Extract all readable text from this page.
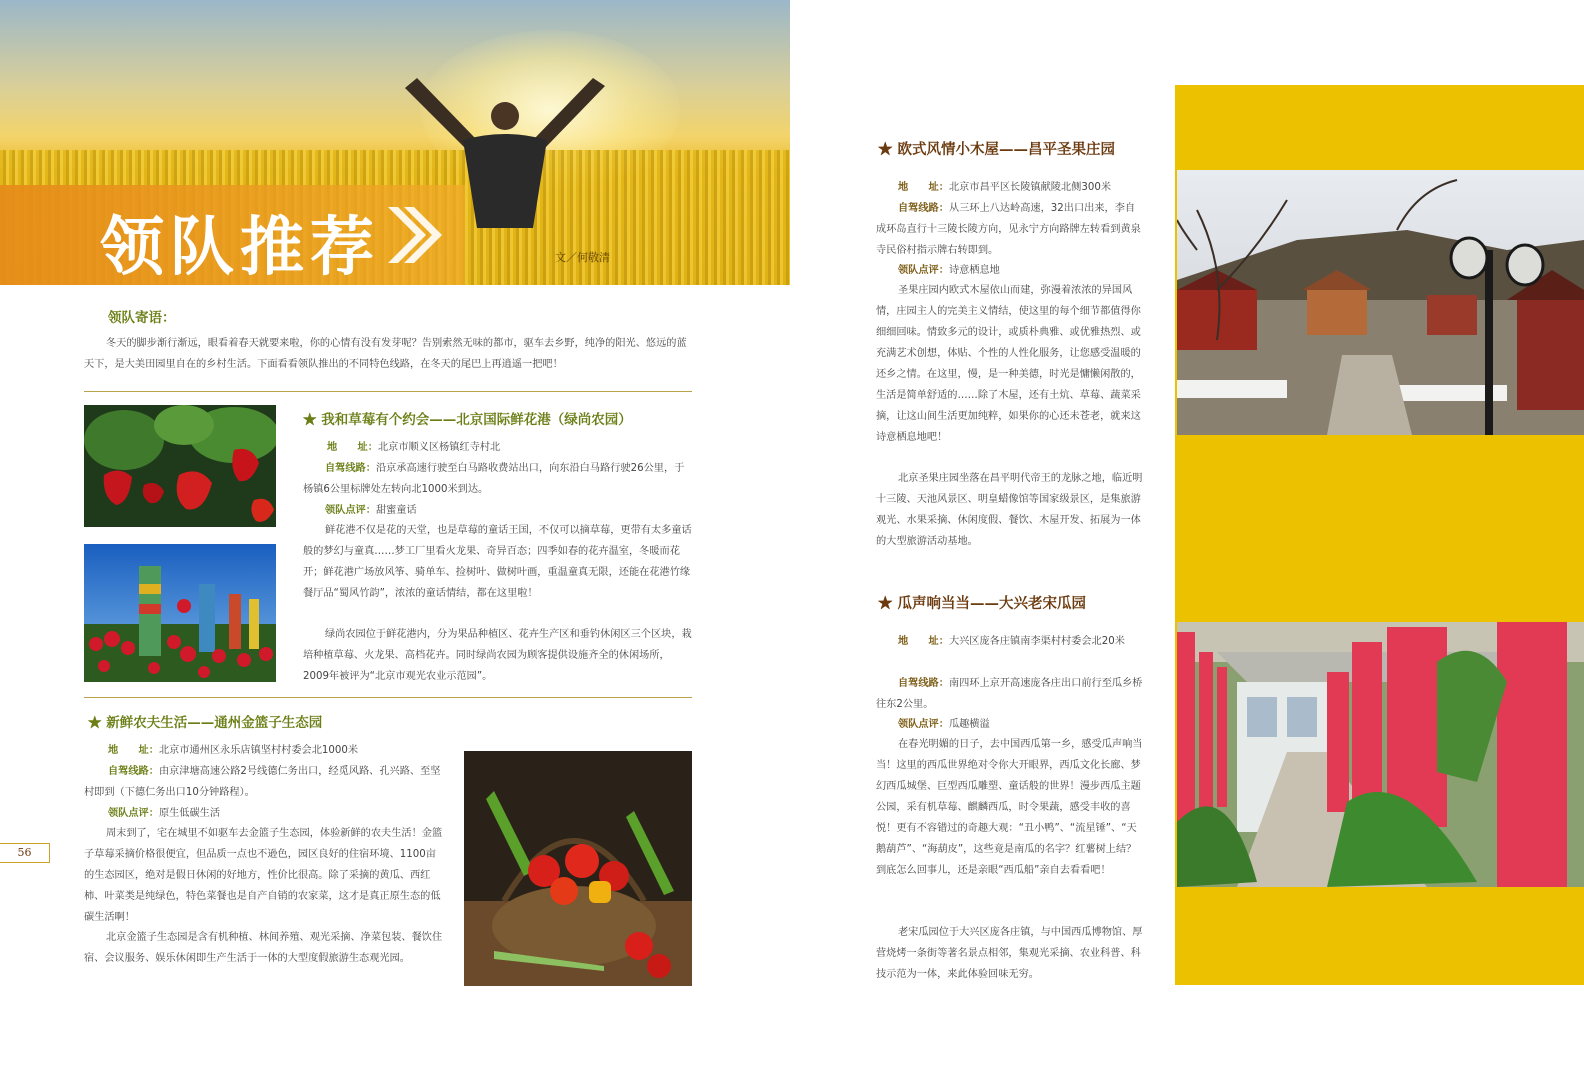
领队推荐	文／何敬清
领队寄语：
冬天的脚步渐行渐远，眼看着春天就要来啦，你的心情有没有发芽呢？告别索然无味的都市，驱车去乡野，纯净的阳光、悠远的蓝天下，是大美田园里自在的乡村生活。下面看看领队推出的不同特色线路，在冬天的尾巴上再逍遥一把吧！
★ 我和草莓有个约会——北京国际鲜花港（绿尚农园）
地　　址：北京市顺义区杨镇红寺村北
自驾线路：沿京承高速行驶至白马路收费站出口，向东沿白马路行驶26公里，于杨镇6公里标牌处左转向北1000米到达。
领队点评：甜蜜童话
鲜花港不仅是花的天堂，也是草莓的童话王国，不仅可以摘草莓，更带有太多童话般的梦幻与童真……梦工厂里看火龙果、奇异百态；四季如春的花卉温室，冬暖而花开；鲜花港广场放风筝、骑单车、捡树叶、做树叶画，重温童真无限，还能在花港竹缘餐厅品“蜀风竹韵”，浓浓的童话情结，都在这里啦！
绿尚农园位于鲜花港内，分为果品种植区、花卉生产区和垂钓休闲区三个区块，栽培种植草莓、火龙果、高档花卉。同时绿尚农园为顾客提供设施齐全的休闲场所，2009年被评为“北京市观光农业示范园”。
★ 新鲜农夫生活——通州金篮子生态园
地　　址：北京市通州区永乐店镇坚村村委会北1000米
自驾线路：由京津塘高速公路2号线德仁务出口，经觅风路、孔兴路、至坚村即到（下德仁务出口10分钟路程）。
领队点评：原生低碳生活
周末到了，宅在城里不如驱车去金篮子生态园，体验新鲜的农夫生活！金篮子草莓采摘价格很便宜，但品质一点也不逊色，园区良好的住宿环境、1100亩的生态园区，绝对是假日休闲的好地方，性价比很高。除了采摘的黄瓜、西红柿、叶菜类是纯绿色，特色菜餐也是自产自销的农家菜，这才是真正原生态的低碳生活啊！
北京金篮子生态园是含有机种植、林间养殖、观光采摘、净菜包装、餐饮住宿、会议服务、娱乐休闲即生产生活于一体的大型度假旅游生态观光园。
56
★ 欧式风情小木屋——昌平圣果庄园
地　　址：北京市昌平区长陵镇献陵北侧300米
自驾线路：从三环上八达岭高速，32出口出来，李自成环岛直行十三陵长陵方向，见永宁方向路牌左转看到黄泉寺民俗村指示牌右转即到。
领队点评：诗意栖息地
圣果庄园内欧式木屋依山而建，弥漫着浓浓的异国风情，庄园主人的完美主义情结，使这里的每个细节都值得你细细回味。情致多元的设计，或质朴典雅、或优雅热烈、或充满艺术创想，体贴、个性的人性化服务，让您感受温暖的还乡之情。在这里，慢，是一种美德，时光是慵懒闲散的，生活是简单舒适的……除了木屋，还有土炕、草莓、蔬菜采摘，让这山间生活更加纯粹，如果你的心还未苍老，就来这诗意栖息地吧！
北京圣果庄园坐落在昌平明代帝王的龙脉之地，临近明十三陵、天池风景区、明皇蜡像馆等国家级景区，是集旅游观光、水果采摘、休闲度假、餐饮、木屋开发、拓展为一体的大型旅游活动基地。
★ 瓜声响当当——大兴老宋瓜园
地　　址：大兴区庞各庄镇南李渠村村委会北20米
自驾线路：南四环上京开高速庞各庄出口前行至瓜乡桥往东2公里。
领队点评：瓜趣横溢
在春光明媚的日子，去中国西瓜第一乡，感受瓜声响当当！这里的西瓜世界绝对令你大开眼界，西瓜文化长廊、梦幻西瓜城堡、巨型西瓜雕塑、童话般的世界！漫步西瓜主题公园，采有机草莓、麒麟西瓜，时令果蔬，感受丰收的喜悦！更有不容错过的奇趣大观：“丑小鸭”、“流星锤”、“天鹅葫芦”、“海葫皮”，这些竟是南瓜的名字？红薯树上结？到底怎么回事儿，还是亲眼“西瓜船”亲自去看看吧！
老宋瓜园位于大兴区庞各庄镇，与中国西瓜博物馆、厚营烧烤一条街等著名景点相邻，集观光采摘、农业科普、科技示范为一体，来此体验回味无穷。
